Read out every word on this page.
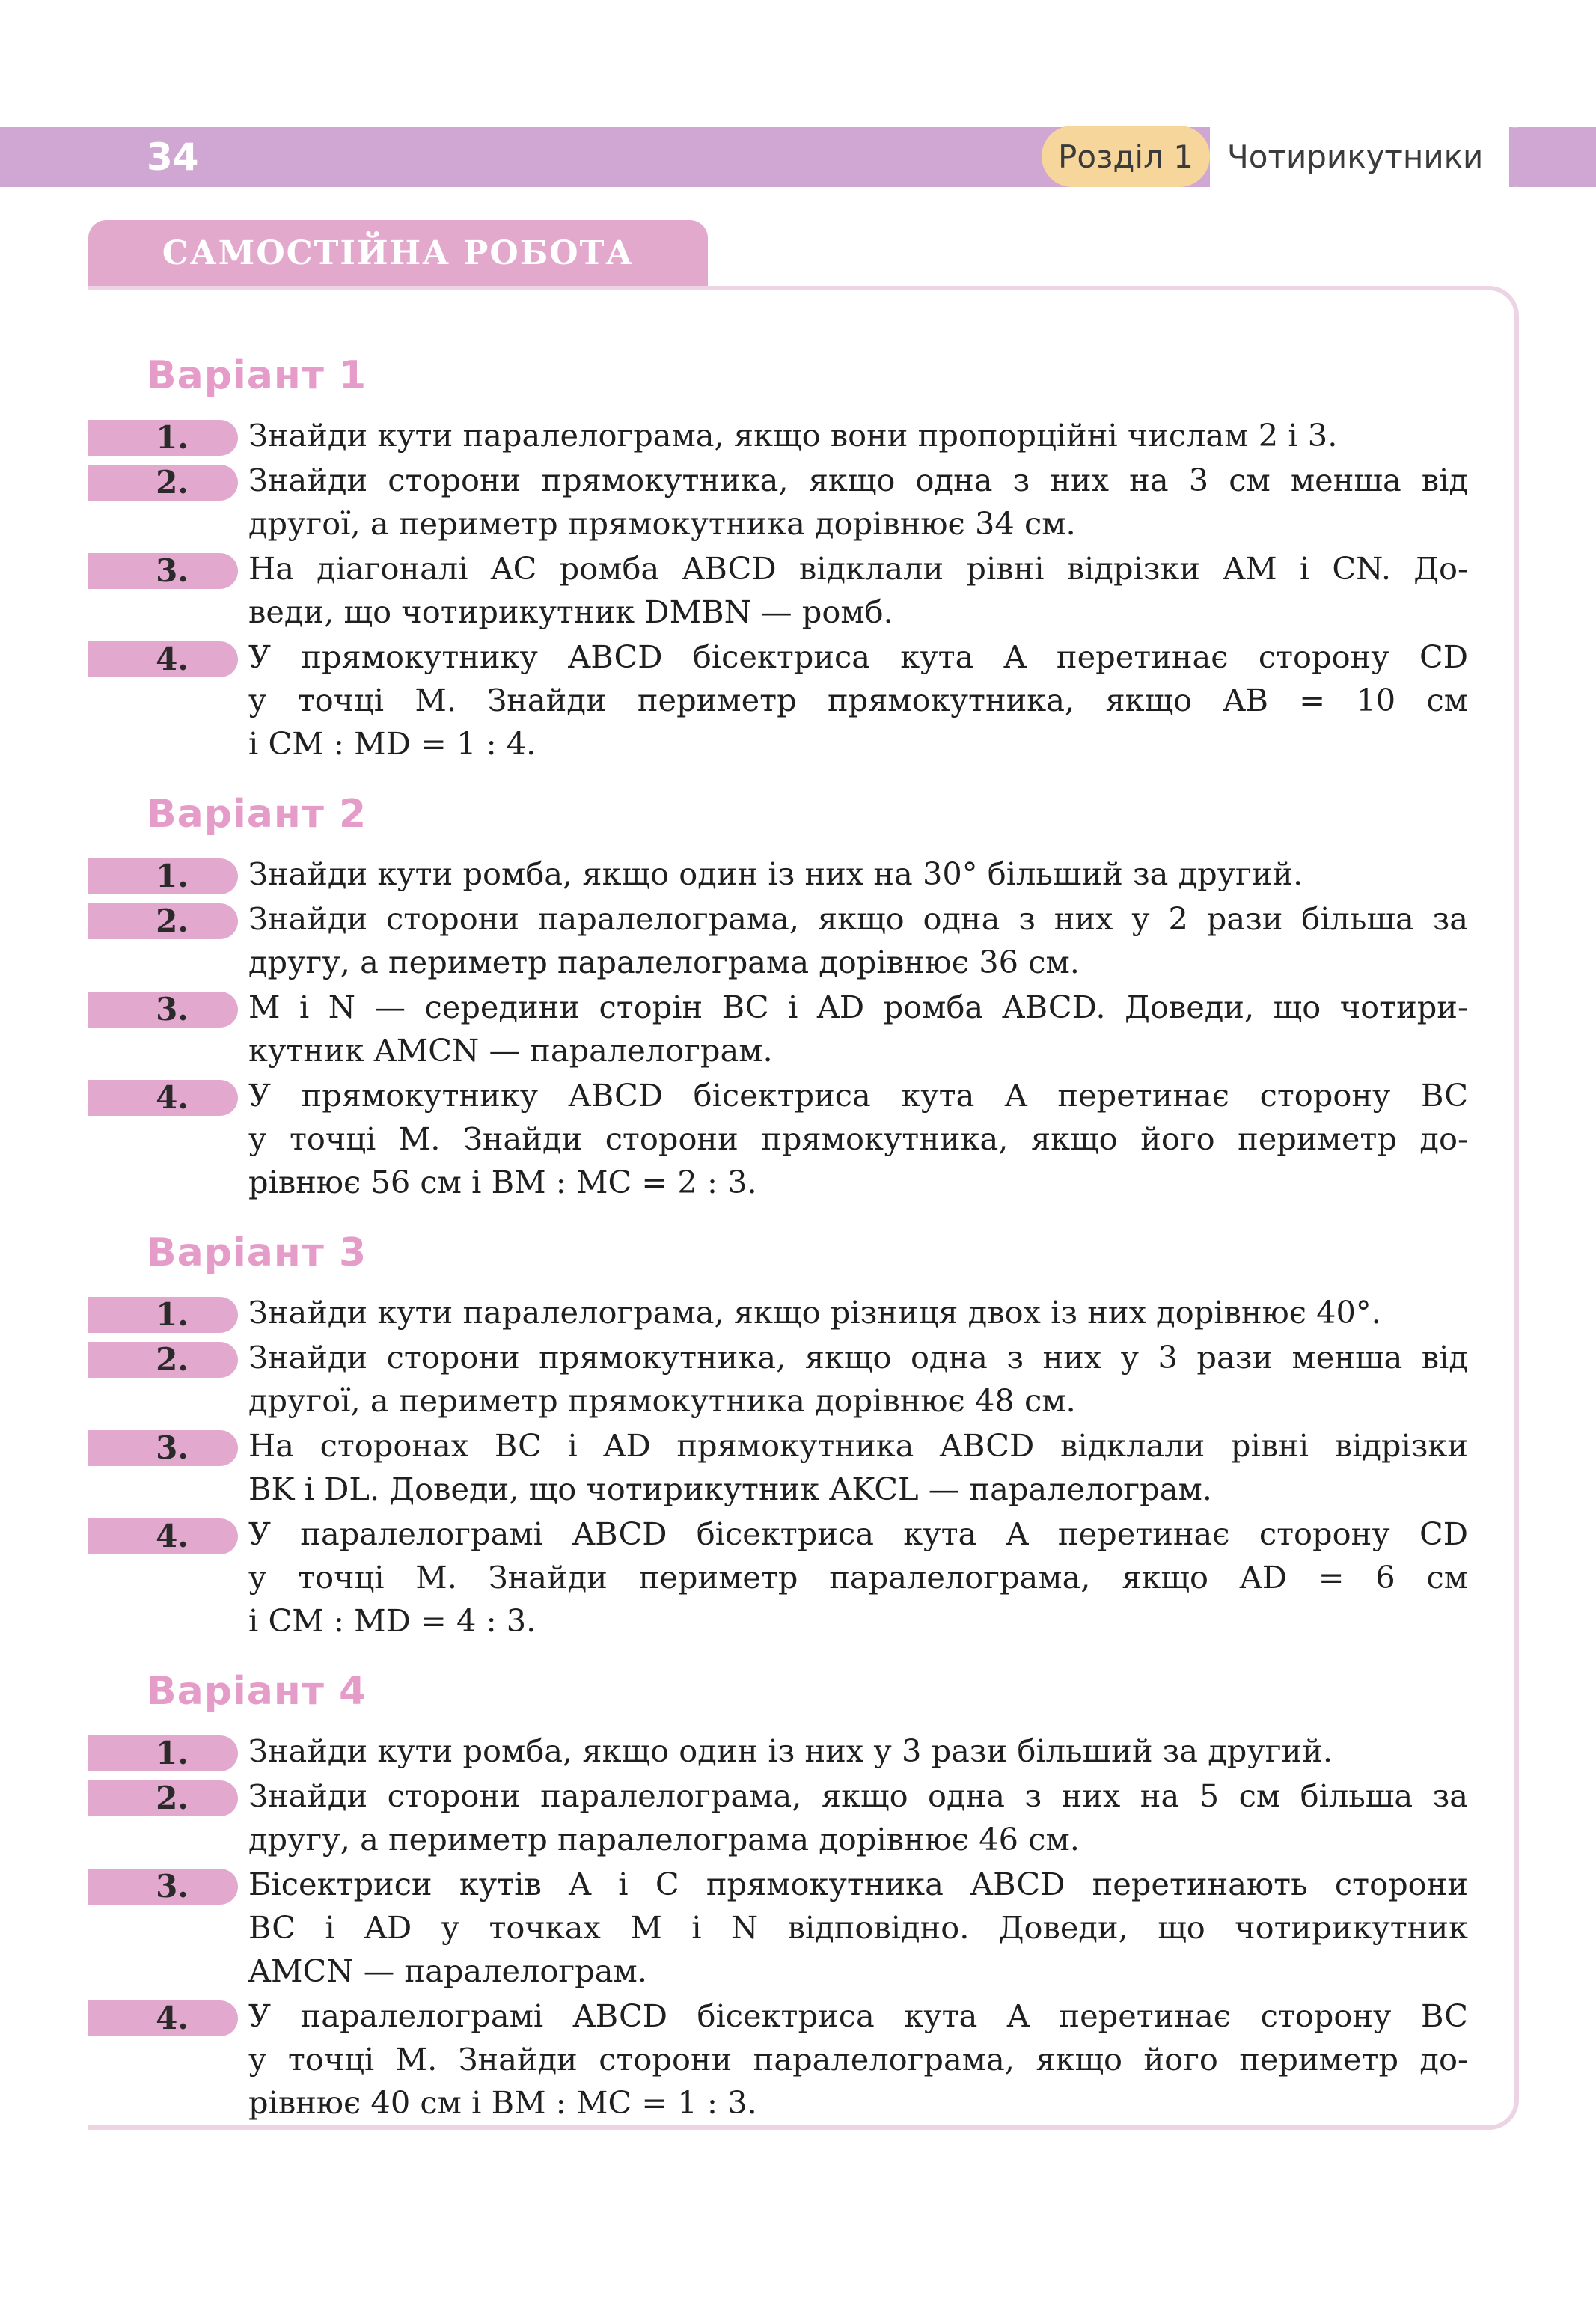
34	Розділ 1	Чотирикутники
САМОСТІЙНА РОБОТА
Варіант 1
1.	Знайди кути паралелограма, якщо вони пропорційні числам 2 і 3.
2.	Знайди сторони прямокутника, якщо одна з них на 3 см менша від
другої, а периметр прямокутника дорівнює 34 см.
3.	На діагоналі AC ромба ABCD відклали рівні відрізки AM і CN. До-
веди, що чотирикутник DMBN — ромб.
4.	У прямокутнику ABCD бісектриса кута A перетинає сторону CD
у точці M. Знайди периметр прямокутника, якщо AB = 10 см
і CM : MD = 1 : 4.
Варіант 2
1.	Знайди кути ромба, якщо один із них на 30° більший за другий.
2.	Знайди сторони паралелограма, якщо одна з них у 2 рази більша за
другу, а периметр паралелограма дорівнює 36 см.
3.	M і N — середини сторін BC і AD ромба ABCD. Доведи, що чотири-
кутник AMCN — паралелограм.
4.	У прямокутнику ABCD бісектриса кута A перетинає сторону BC
у точці M. Знайди сторони прямокутника, якщо його периметр до-
рівнює 56 см і BM : MC = 2 : 3.
Варіант 3
1.	Знайди кути паралелограма, якщо різниця двох із них дорівнює 40°.
2.	Знайди сторони прямокутника, якщо одна з них у 3 рази менша від
другої, а периметр прямокутника дорівнює 48 см.
3.	На сторонах BC і AD прямокутника ABCD відклали рівні відрізки
BK і DL. Доведи, що чотирикутник AKCL — паралелограм.
4.	У паралелограмі ABCD бісектриса кута A перетинає сторону CD
у точці M. Знайди периметр паралелограма, якщо AD = 6 см
і CM : MD = 4 : 3.
Варіант 4
1.	Знайди кути ромба, якщо один із них у 3 рази більший за другий.
2.	Знайди сторони паралелограма, якщо одна з них на 5 см більша за
другу, а периметр паралелограма дорівнює 46 см.
3.	Бісектриси кутів A і C прямокутника ABCD перетинають сторони
BC і AD у точках M і N відповідно. Доведи, що чотирикутник
AMCN — паралелограм.
4.	У паралелограмі ABCD бісектриса кута A перетинає сторону BC
у точці M. Знайди сторони паралелограма, якщо його периметр до-
рівнює 40 см і BM : MC = 1 : 3.
